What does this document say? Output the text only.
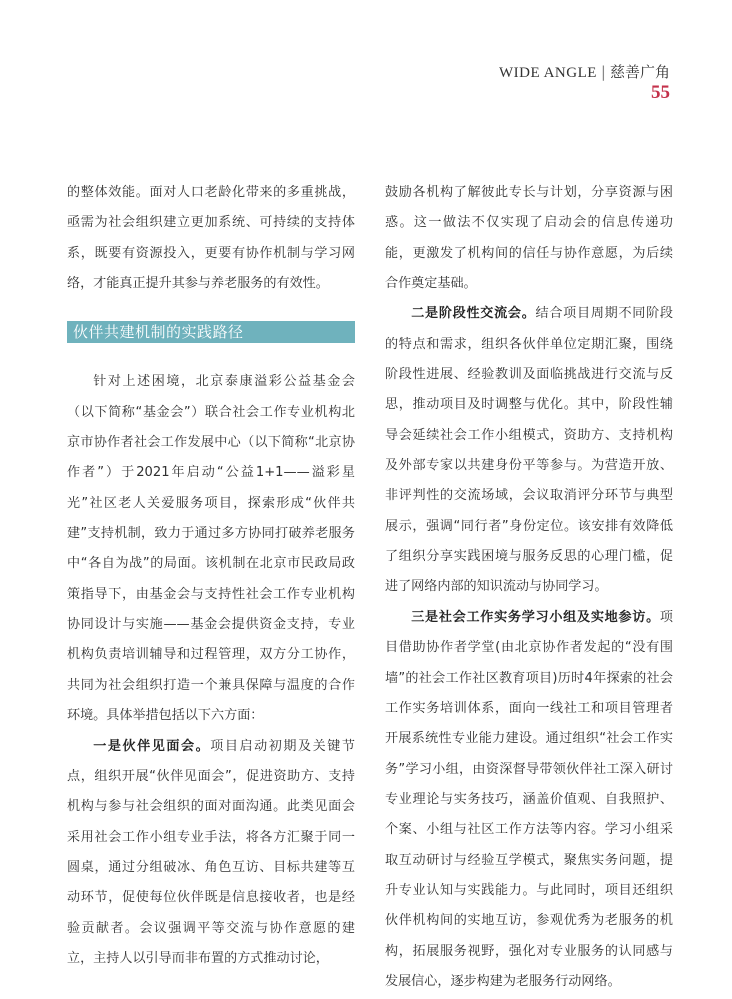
WIDE ANGLE | 慈善广角
55

的整体效能。面对人口老龄化带来的多重挑战，亟需为社会组织建立更加系统、可持续的支持体系，既要有资源投入，更要有协作机制与学习网络，才能真正提升其参与养老服务的有效性。

伙伴共建机制的实践路径

针对上述困境，北京泰康溢彩公益基金会（以下简称“基金会”）联合社会工作专业机构北京市协作者社会工作发展中心（以下简称“北京协作者”）于2021年启动“公益1+1——溢彩星光”社区老人关爱服务项目，探索形成“伙伴共建”支持机制，致力于通过多方协同打破养老服务中“各自为战”的局面。该机制在北京市民政局政策指导下，由基金会与支持性社会工作专业机构协同设计与实施——基金会提供资金支持，专业机构负责培训辅导和过程管理，双方分工协作，共同为社会组织打造一个兼具保障与温度的合作环境。具体举措包括以下六方面：

一是伙伴见面会。项目启动初期及关键节点，组织开展“伙伴见面会”，促进资助方、支持机构与参与社会组织的面对面沟通。此类见面会采用社会工作小组专业手法，将各方汇聚于同一圆桌，通过分组破冰、角色互访、目标共建等互动环节，促使每位伙伴既是信息接收者，也是经验贡献者。会议强调平等交流与协作意愿的建立，主持人以引导而非布置的方式推动讨论，

鼓励各机构了解彼此专长与计划，分享资源与困惑。这一做法不仅实现了启动会的信息传递功能，更激发了机构间的信任与协作意愿，为后续合作奠定基础。

二是阶段性交流会。结合项目周期不同阶段的特点和需求，组织各伙伴单位定期汇聚，围绕阶段性进展、经验教训及面临挑战进行交流与反思，推动项目及时调整与优化。其中，阶段性辅导会延续社会工作小组模式，资助方、支持机构及外部专家以共建身份平等参与。为营造开放、非评判性的交流场域，会议取消评分环节与典型展示，强调“同行者”身份定位。该安排有效降低了组织分享实践困境与服务反思的心理门槛，促进了网络内部的知识流动与协同学习。

三是社会工作实务学习小组及实地参访。项目借助协作者学堂(由北京协作者发起的“没有围墙”的社会工作社区教育项目)历时4年探索的社会工作实务培训体系，面向一线社工和项目管理者开展系统性专业能力建设。通过组织“社会工作实务”学习小组，由资深督导带领伙伴社工深入研讨专业理论与实务技巧，涵盖价值观、自我照护、个案、小组与社区工作方法等内容。学习小组采取互动研讨与经验互学模式，聚焦实务问题，提升专业认知与实践能力。与此同时，项目还组织伙伴机构间的实地互访，参观优秀为老服务的机构，拓展服务视野，强化对专业服务的认同感与发展信心，逐步构建为老服务行动网络。
